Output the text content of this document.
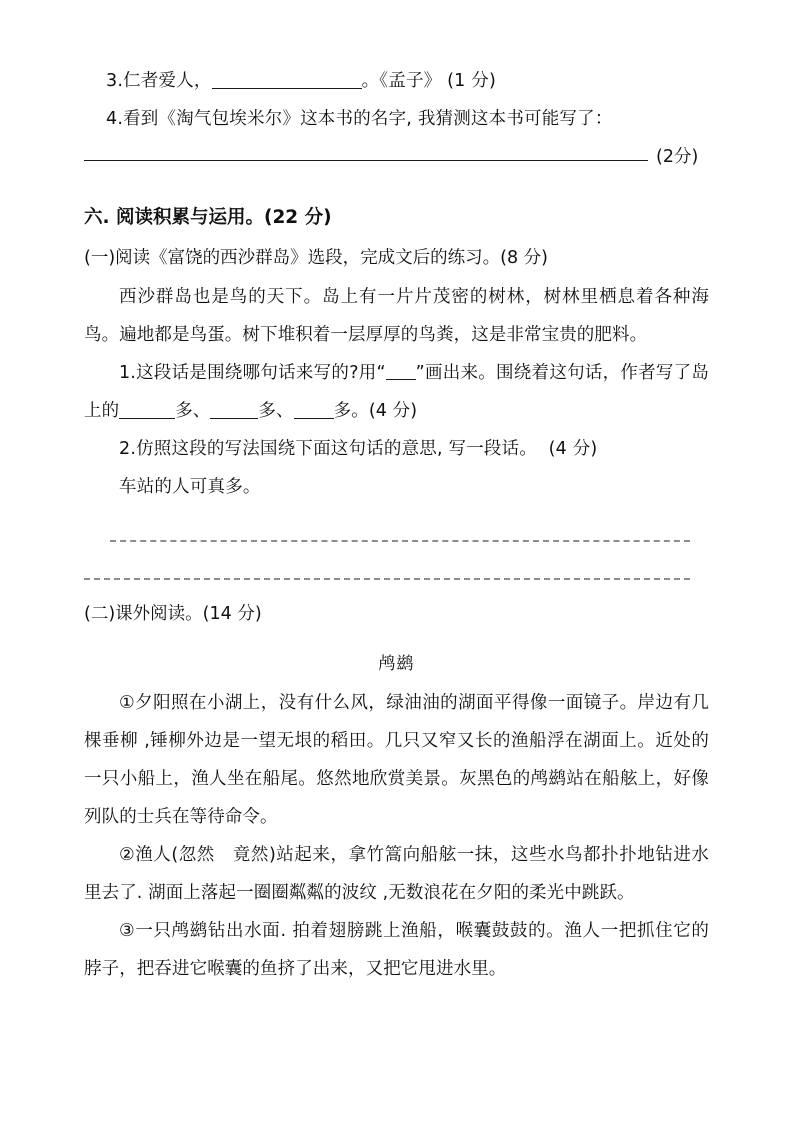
3.仁者爱人，	。《孟子》 (1 分)
4.看到《淘气包埃米尔》这本书的名字, 我猜测这本书可能写了：
(2分)
六. 阅读积累与运用。(22 分)
(一)阅读《富饶的西沙群岛》选段，完成文后的练习。(8 分)
西沙群岛也是鸟的天下。岛上有一片片茂密的树林，树林里栖息着各种海鸟。遍地都是鸟蛋。树下堆积着一层厚厚的鸟粪，这是非常宝贵的肥料。
1.这段话是围绕哪句话来写的?用“ ”画出来。围绕着这句话，作者写了岛上的	多、	多、 多。(4 分)
2.仿照这段的写法国绕下面这句话的意思, 写一段话。 (4 分)
车站的人可真多。
(二)课外阅读。(14 分)
鸬鹚
①夕阳照在小湖上，没有什么风，绿油油的湖面平得像一面镜子。岸边有几棵垂柳 ,锤柳外边是一望无垠的稻田。几只又窄又长的渔船浮在湖面上。近处的一只小船上，渔人坐在船尾。悠然地欣赏美景。灰黑色的鸬鹚站在船舷上，好像列队的士兵在等待命令。
②渔人(忽然　竟然)站起来，拿竹篙向船舷一抹，这些水鸟都扑扑地钻进水里去了. 湖面上落起一圈圈粼粼的波纹 ,无数浪花在夕阳的柔光中跳跃。
③一只鸬鹚钻出水面. 拍着翅膀跳上渔船，喉囊鼓鼓的。渔人一把抓住它的脖子，把吞进它喉囊的鱼挤了出来，又把它甩进水里。
